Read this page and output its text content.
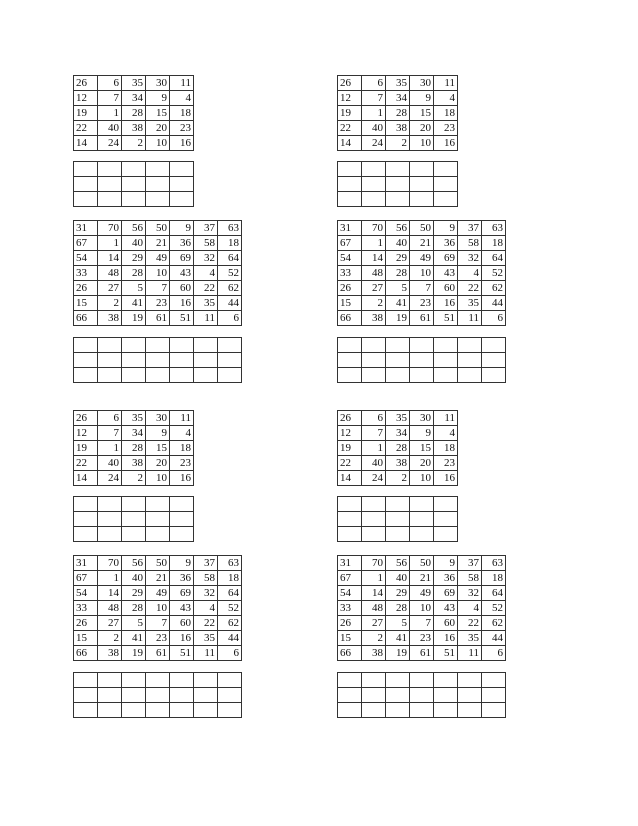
26	6	35	30	11
12	7	34	9	4
19	1	28	15	18
22	40	38	20	23
14	24	2	10	16

31	70	56	50	9	37	63
67	1	40	21	36	58	18
54	14	29	49	69	32	64
33	48	28	10	43	4	52
26	27	5	7	60	22	62
15	2	41	23	16	35	44
66	38	19	61	51	11	6

26	6	35	30	11
12	7	34	9	4
19	1	28	15	18
22	40	38	20	23
14	24	2	10	16

31	70	56	50	9	37	63
67	1	40	21	36	58	18
54	14	29	49	69	32	64
33	48	28	10	43	4	52
26	27	5	7	60	22	62
15	2	41	23	16	35	44
66	38	19	61	51	11	6

26	6	35	30	11
12	7	34	9	4
19	1	28	15	18
22	40	38	20	23
14	24	2	10	16

31	70	56	50	9	37	63
67	1	40	21	36	58	18
54	14	29	49	69	32	64
33	48	28	10	43	4	52
26	27	5	7	60	22	62
15	2	41	23	16	35	44
66	38	19	61	51	11	6

26	6	35	30	11
12	7	34	9	4
19	1	28	15	18
22	40	38	20	23
14	24	2	10	16

31	70	56	50	9	37	63
67	1	40	21	36	58	18
54	14	29	49	69	32	64
33	48	28	10	43	4	52
26	27	5	7	60	22	62
15	2	41	23	16	35	44
66	38	19	61	51	11	6
